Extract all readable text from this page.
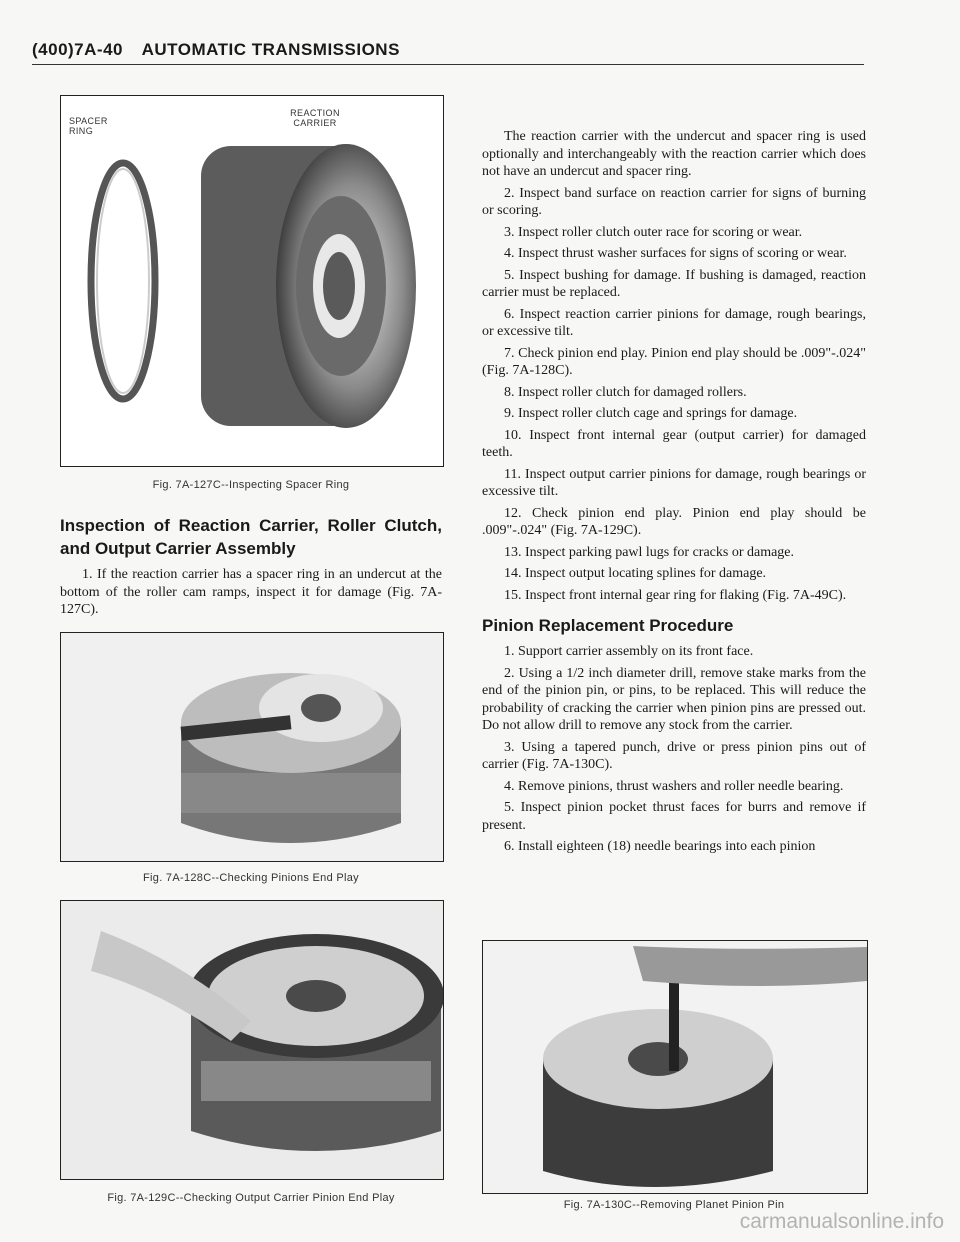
(400)7A-40 AUTOMATIC TRANSMISSIONS
SPACER RING
REACTION CARRIER
Fig. 7A-127C--Inspecting Spacer Ring
Inspection of Reaction Carrier, Roller Clutch, and Output Carrier Assembly

1. If the reaction carrier has a spacer ring in an undercut at the bottom of the roller cam ramps, inspect it for damage (Fig. 7A-127C).

Fig. 7A-128C--Checking Pinions End Play
Fig. 7A-129C--Checking Output Carrier Pinion End Play

The reaction carrier with the undercut and spacer ring is used optionally and interchangeably with the reaction carrier which does not have an undercut and spacer ring.

2. Inspect band surface on reaction carrier for signs of burning or scoring.

3. Inspect roller clutch outer race for scoring or wear.

4. Inspect thrust washer surfaces for signs of scoring or wear.

5. Inspect bushing for damage. If bushing is damaged, reaction carrier must be replaced.

6. Inspect reaction carrier pinions for damage, rough bearings, or excessive tilt.

7. Check pinion end play. Pinion end play should be .009"-.024" (Fig. 7A-128C).

8. Inspect roller clutch for damaged rollers.

9. Inspect roller clutch cage and springs for damage.

10. Inspect front internal gear (output carrier) for damaged teeth.

11. Inspect output carrier pinions for damage, rough bearings or excessive tilt.

12. Check pinion end play. Pinion end play should be .009"-.024" (Fig. 7A-129C).

13. Inspect parking pawl lugs for cracks or damage.

14. Inspect output locating splines for damage.

15. Inspect front internal gear ring for flaking (Fig. 7A-49C).

Pinion Replacement Procedure

1. Support carrier assembly on its front face.

2. Using a 1/2 inch diameter drill, remove stake marks from the end of the pinion pin, or pins, to be replaced. This will reduce the probability of cracking the carrier when pinion pins are pressed out. Do not allow drill to remove any stock from the carrier.

3. Using a tapered punch, drive or press pinion pins out of carrier (Fig. 7A-130C).

4. Remove pinions, thrust washers and roller needle bearing.

5. Inspect pinion pocket thrust faces for burrs and remove if present.

6. Install eighteen (18) needle bearings into each pinion

Fig. 7A-130C--Removing Planet Pinion Pin
carmanualsonline.info
